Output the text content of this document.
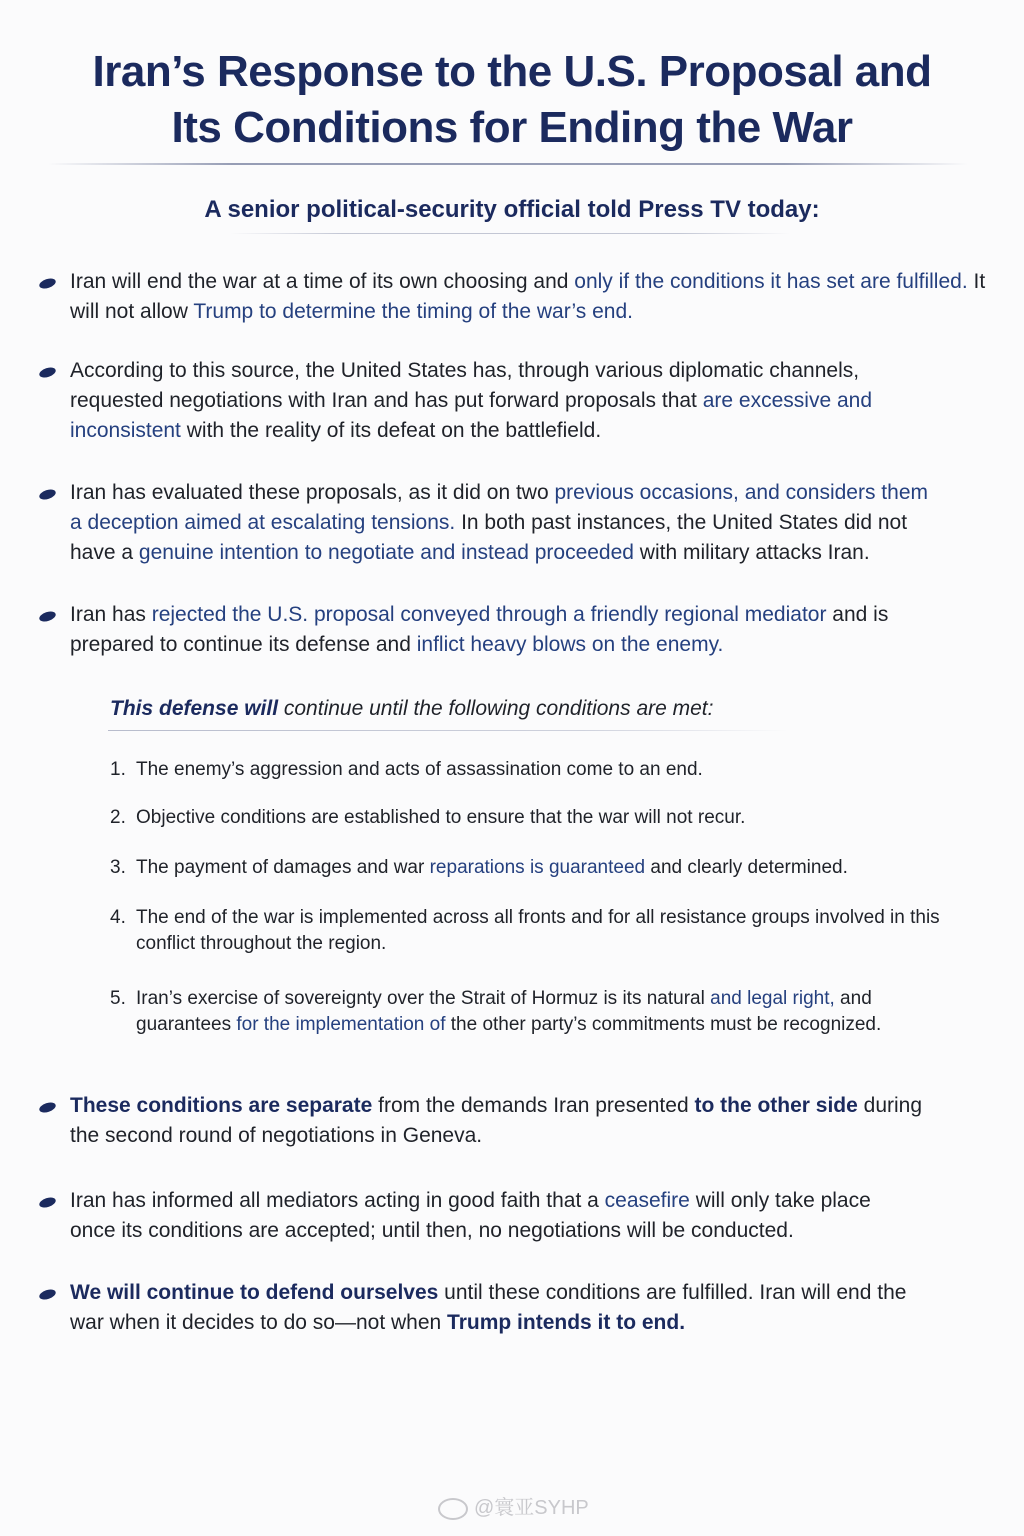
Iran’s Response to the U.S. Proposal and
Its Conditions for Ending the War
A senior political-security official told Press TV today:
Iran will end the war at a time of its own choosing and only if the conditions it has set are fulfilled. It will not allow Trump to determine the timing of the war’s end.
According to this source, the United States has, through various diplomatic channels, requested negotiations with Iran and has put forward proposals that are excessive and inconsistent with the reality of its defeat on the battlefield.
Iran has evaluated these proposals, as it did on two previous occasions, and considers them a deception aimed at escalating tensions. In both past instances, the United States did not have a genuine intention to negotiate and instead proceeded with military attacks Iran.
Iran has rejected the U.S. proposal conveyed through a friendly regional mediator and is prepared to continue its defense and inflict heavy blows on the enemy.
This defense will continue until the following conditions are met:
1. The enemy’s aggression and acts of assassination come to an end.
2. Objective conditions are established to ensure that the war will not recur.
3. The payment of damages and war reparations is guaranteed and clearly determined.
4. The end of the war is implemented across all fronts and for all resistance groups involved in this conflict throughout the region.
5. Iran’s exercise of sovereignty over the Strait of Hormuz is its natural and legal right, and guarantees for the implementation of the other party’s commitments must be recognized.
These conditions are separate from the demands Iran presented to the other side during the second round of negotiations in Geneva.
Iran has informed all mediators acting in good faith that a ceasefire will only take place once its conditions are accepted; until then, no negotiations will be conducted.
We will continue to defend ourselves until these conditions are fulfilled. Iran will end the war when it decides to do so—not when Trump intends it to end.
@寰亚SYHP
